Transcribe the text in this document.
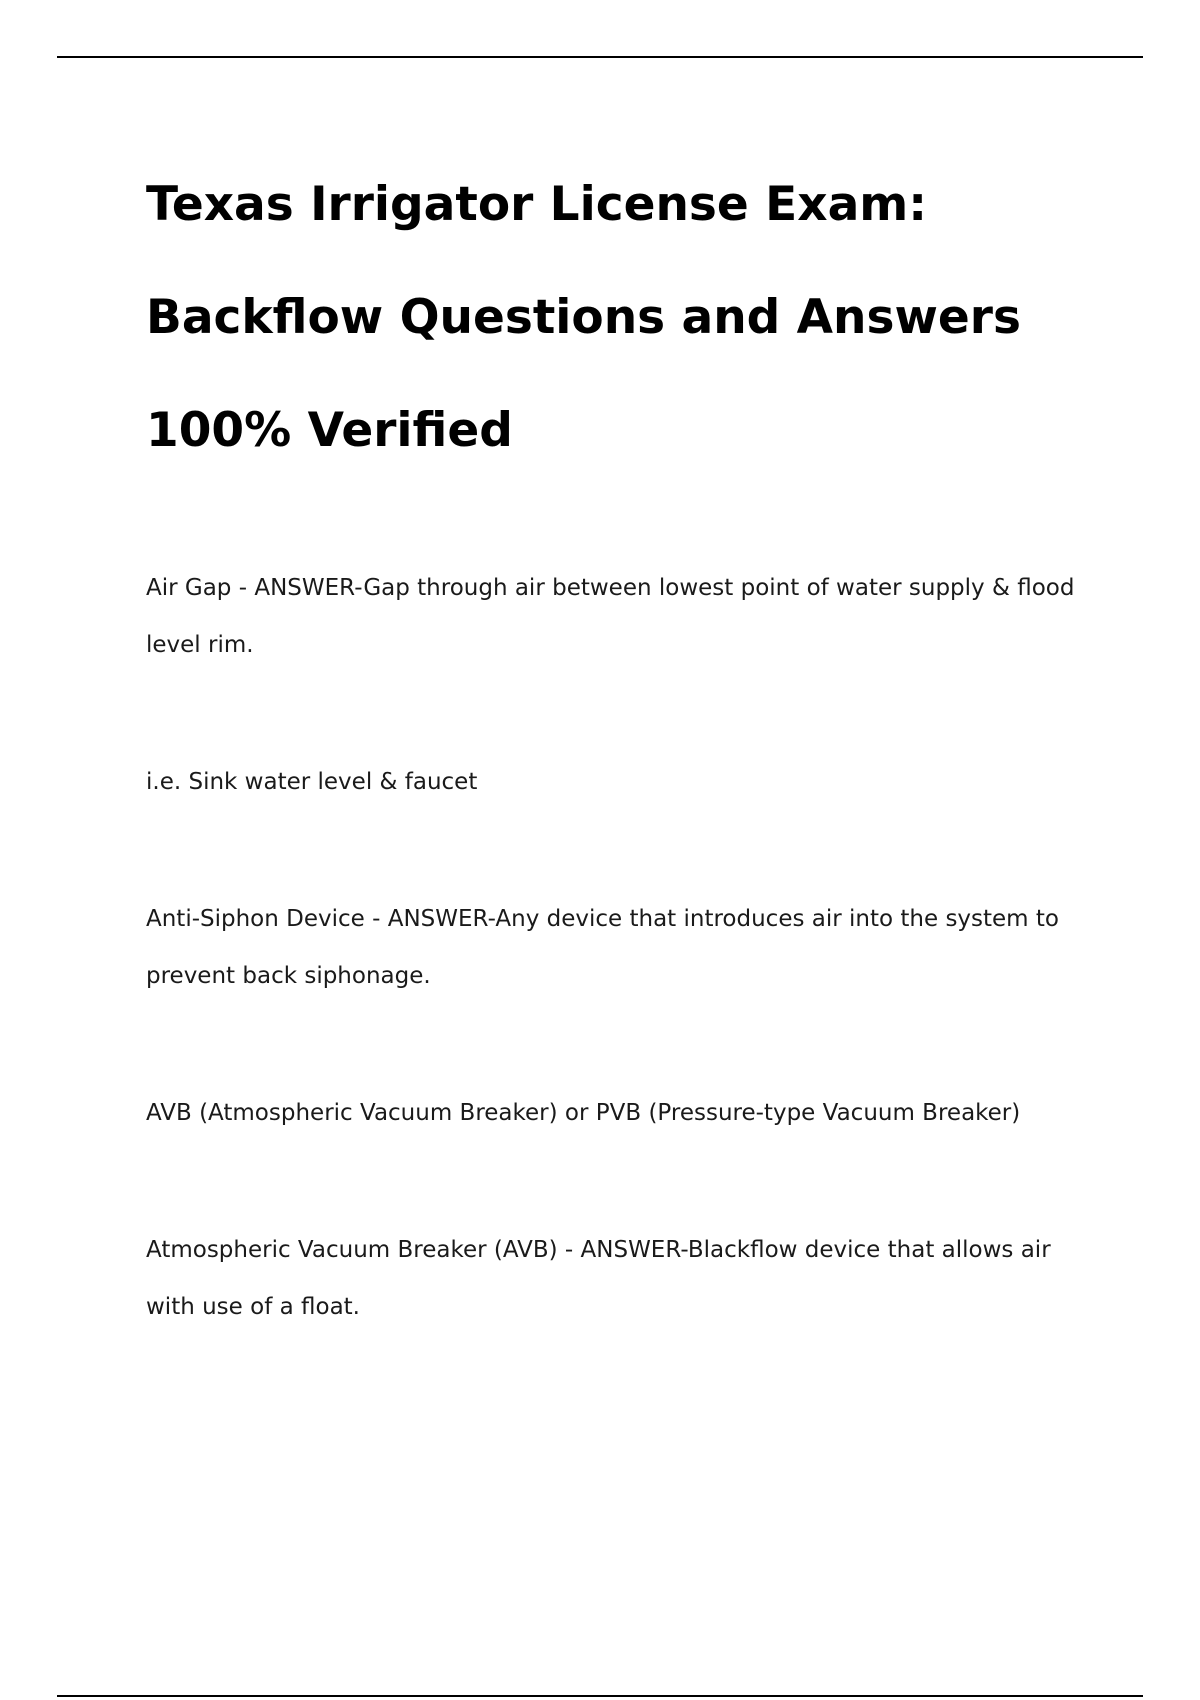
Texas Irrigator License Exam:
Backflow Questions and Answers
100% Verified

Air Gap - ANSWER-Gap through air between lowest point of water supply & flood level rim.

i.e. Sink water level & faucet

Anti-Siphon Device - ANSWER-Any device that introduces air into the system to prevent back siphonage.

AVB (Atmospheric Vacuum Breaker) or PVB (Pressure-type Vacuum Breaker)

Atmospheric Vacuum Breaker (AVB) - ANSWER-Blackflow device that allows air with use of a float.
